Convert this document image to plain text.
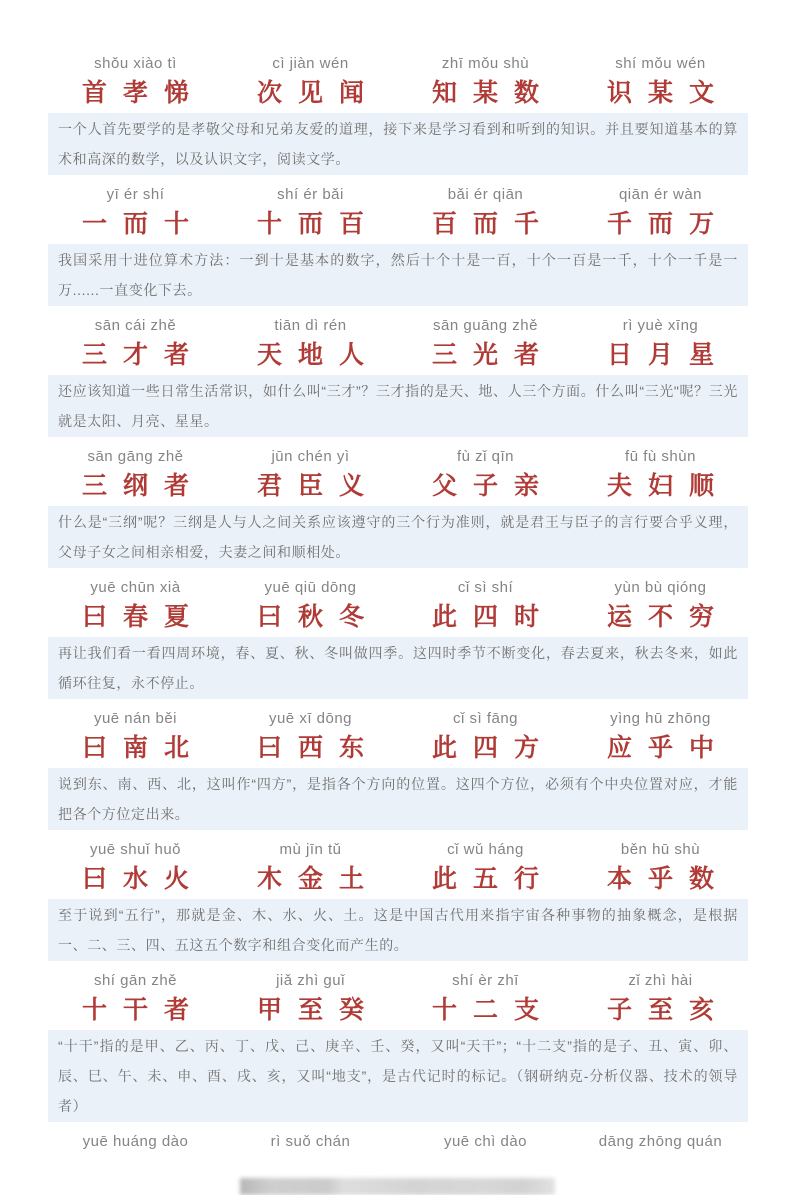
shǒu xiào tì	cì jiàn wén	zhī mǒu shù	shí mǒu wén
首 孝 悌	次 见 闻	知 某 数	识 某 文
一个人首先要学的是孝敬父母和兄弟友爱的道理，接下来是学习看到和听到的知识。并且要知道基本的算术和高深的数学，以及认识文字，阅读文学。
yī ér shí	shí ér bǎi	bǎi ér qiān	qiān ér wàn
一 而 十	十 而 百	百 而 千	千 而 万
我国采用十进位算术方法：一到十是基本的数字，然后十个十是一百，十个一百是一千，十个一千是一万......一直变化下去。
sān cái zhě	tiān dì rén	sān guāng zhě	rì yuè xīng
三 才 者	天 地 人	三 光 者	日 月 星
还应该知道一些日常生活常识，如什么叫“三才”？三才指的是天、地、人三个方面。什么叫“三光"呢？三光就是太阳、月亮、星星。
sān gāng zhě	jūn chén yì	fù zǐ qīn	fū fù shùn
三 纲 者	君 臣 义	父 子 亲	夫 妇 顺
什么是“三纲”呢？三纲是人与人之间关系应该遵守的三个行为准则，就是君王与臣子的言行要合乎义理，父母子女之间相亲相爱，夫妻之间和顺相处。
yuē chūn xià	yuē qiū dōng	cǐ sì shí	yùn bù qióng
曰 春 夏	曰 秋 冬	此 四 时	运 不 穷
再让我们看一看四周环境，春、夏、秋、冬叫做四季。这四时季节不断变化，春去夏来，秋去冬来，如此循环往复，永不停止。
yuē nán běi	yuē xī dōng	cǐ sì fāng	yìng hū zhōng
曰 南 北	曰 西 东	此 四 方	应 乎 中
说到东、南、西、北，这叫作“四方”，是指各个方向的位置。这四个方位，必须有个中央位置对应，才能把各个方位定出来。
yuē shuǐ huǒ	mù jīn tǔ	cǐ wǔ háng	běn hū shù
曰 水 火	木 金 土	此 五 行	本 乎 数
至于说到“五行”，那就是金、木、水、火、土。这是中国古代用来指宇宙各种事物的抽象概念，是根据一、二、三、四、五这五个数字和组合变化而产生的。
shí gān zhě	jiǎ zhì guǐ	shí èr zhī	zǐ zhì hài
十 干 者	甲 至 癸	十 二 支	子 至 亥
“十干”指的是甲、乙、丙、丁、戊、己、庚辛、壬、癸，又叫“天干”；“十二支”指的是子、丑、寅、卯、辰、巳、午、未、申、酉、戌、亥，又叫“地支”，是古代记时的标记。（钢研纳克-分析仪器、技术的领导者）
yuē huáng dào	rì suǒ chán	yuē chì dào	dāng zhōng quán
